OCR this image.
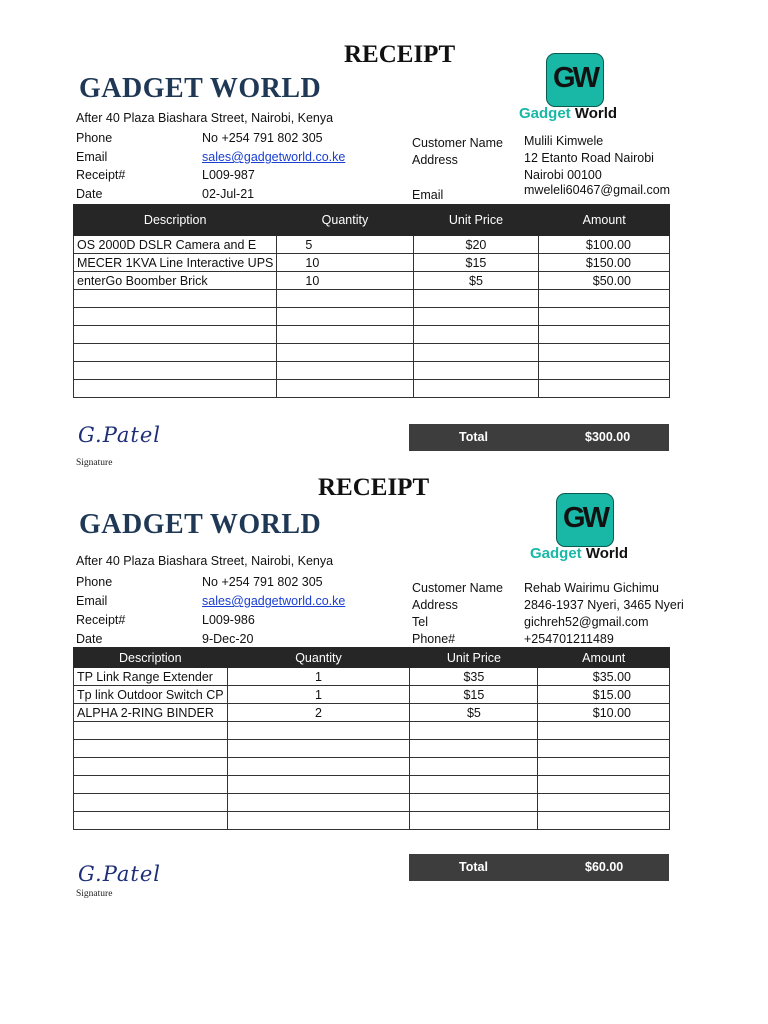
RECEIPT
GADGET WORLD
After 40 Plaza Biashara Street, Nairobi, Kenya
GW
Gadget World
Phone	No +254 791 802 305
Email	sales@gadgetworld.co.ke
Receipt#	L009-987
Date	02-Jul-21
Customer Name Mulili Kimwele
Address	12 Etanto Road Nairobi
Nairobi 00100
Email	mweleli60467@gmail.com
Description	Quantity	Unit Price	Amount
OS 2000D DSLR Camera and E	5	$20	$100.00
MECER 1KVA Line Interactive UPS	10	$15	$150.00
enterGo Boomber Brick	10	$5	$50.00

G.Patel
Signature
Total	$300.00
RECEIPT
GADGET WORLD
After 40 Plaza Biashara Street, Nairobi, Kenya
GW
Gadget World
Phone	No +254 791 802 305
Email	sales@gadgetworld.co.ke
Receipt#	L009-986
Date	9-Dec-20
Customer Name Rehab Wairimu Gichimu
Address	2846-1937 Nyeri, 3465 Nyeri
Tel	gichreh52@gmail.com
Phone#	+254701211489
Description	Quantity	Unit Price	Amount
TP Link Range Extender	1	$35	$35.00
Tp link Outdoor Switch CP	1	$15	$15.00
ALPHA 2-RING BINDER	2	$5	$10.00

Total	$60.00
G.Patel
Signature
